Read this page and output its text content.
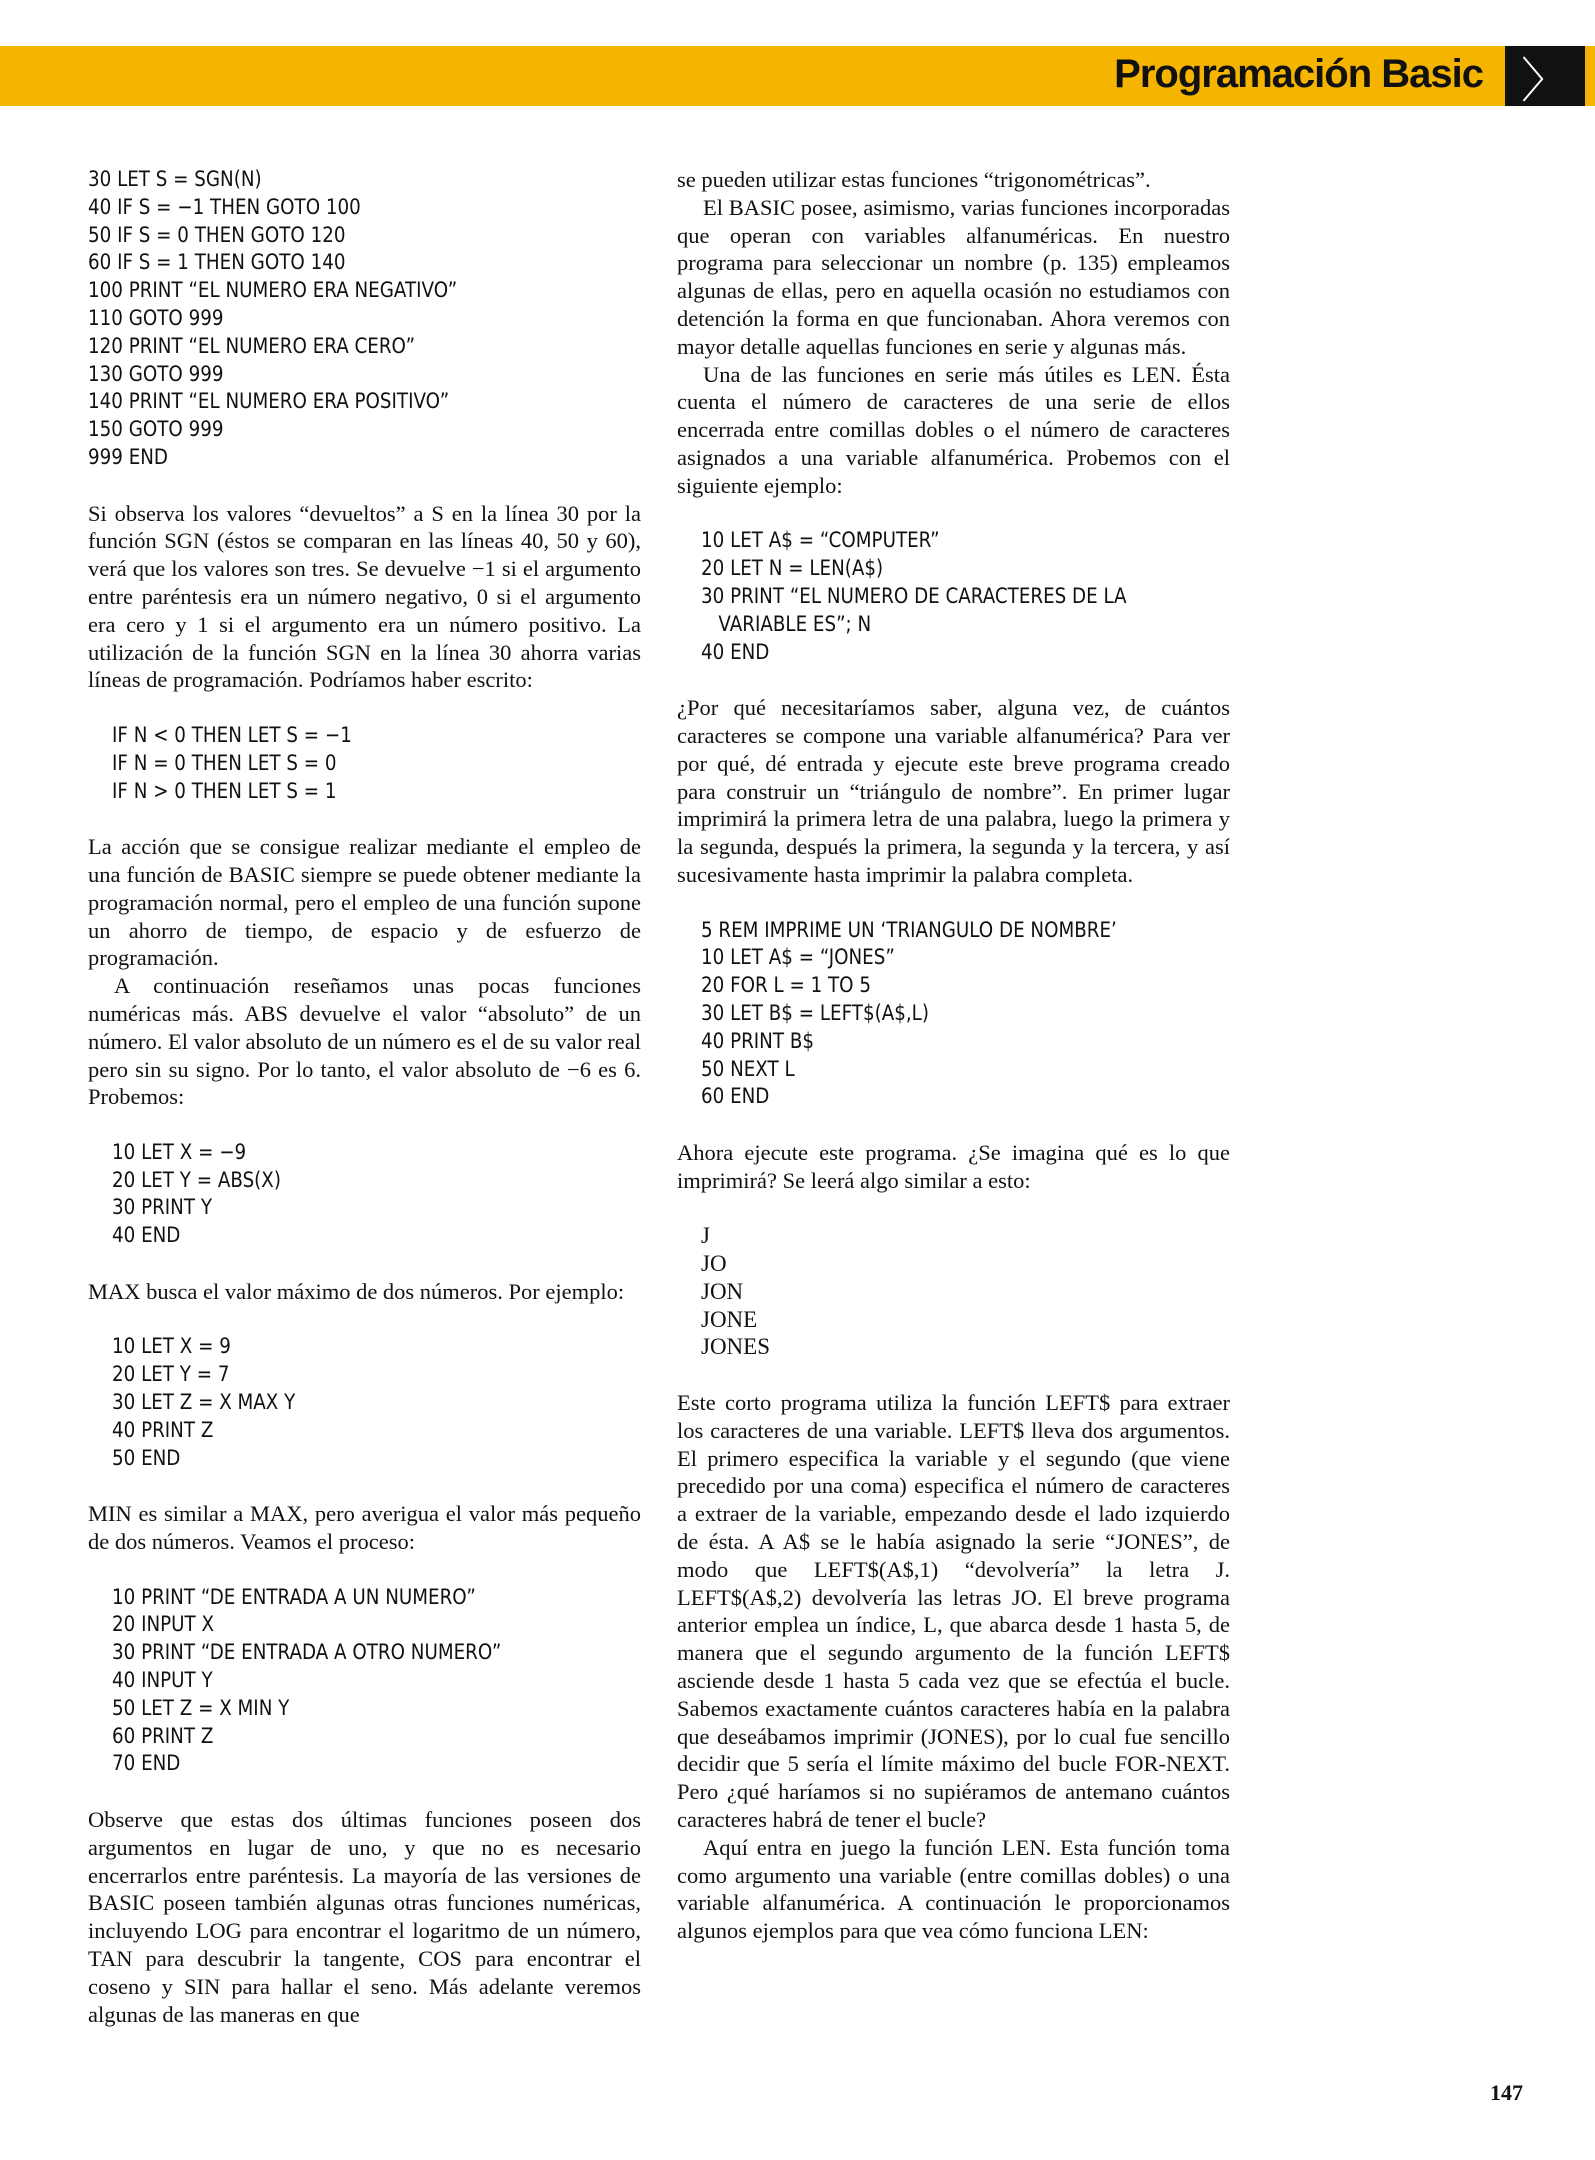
Programación Basic 〉
30 LET S = SGN(N)
40 IF S = −1 THEN GOTO 100
50 IF S = 0 THEN GOTO 120
60 IF S = 1 THEN GOTO 140
100 PRINT “EL NUMERO ERA NEGATIVO”
110 GOTO 999
120 PRINT “EL NUMERO ERA CERO”
130 GOTO 999
140 PRINT “EL NUMERO ERA POSITIVO”
150 GOTO 999
999 END

Si observa los valores “devueltos” a S en la línea 30 por la función SGN (éstos se comparan en las líneas 40, 50 y 60), verá que los valores son tres. Se devuelve −1 si el argumento entre paréntesis era un número negativo, 0 si el argumento era cero y 1 si el argumento era un número positivo. La utilización de la función SGN en la línea 30 ahorra varias líneas de programación. Podríamos haber escrito:

IF N < 0 THEN LET S = −1
IF N = 0 THEN LET S = 0
IF N > 0 THEN LET S = 1

La acción que se consigue realizar mediante el empleo de una función de BASIC siempre se puede obtener mediante la programación normal, pero el empleo de una función supone un ahorro de tiempo, de espacio y de esfuerzo de programación.

A continuación reseñamos unas pocas funciones numéricas más. ABS devuelve el valor “absoluto” de un número. El valor absoluto de un número es el de su valor real pero sin su signo. Por lo tanto, el valor absoluto de −6 es 6. Probemos:

10 LET X = −9
20 LET Y = ABS(X)
30 PRINT Y
40 END

MAX busca el valor máximo de dos números. Por ejemplo:

10 LET X = 9
20 LET Y = 7
30 LET Z = X MAX Y
40 PRINT Z
50 END

MIN es similar a MAX, pero averigua el valor más pequeño de dos números. Veamos el proceso:

10 PRINT “DE ENTRADA A UN NUMERO”
20 INPUT X
30 PRINT “DE ENTRADA A OTRO NUMERO”
40 INPUT Y
50 LET Z = X MIN Y
60 PRINT Z
70 END

Observe que estas dos últimas funciones poseen dos argumentos en lugar de uno, y que no es necesario encerrarlos entre paréntesis. La mayoría de las versiones de BASIC poseen también algunas otras funciones numéricas, incluyendo LOG para encontrar el logaritmo de un número, TAN para descubrir la tangente, COS para encontrar el coseno y SIN para hallar el seno. Más adelante veremos algunas de las maneras en que

se pueden utilizar estas funciones “trigonométricas”.

El BASIC posee, asimismo, varias funciones incorporadas que operan con variables alfanuméricas. En nuestro programa para seleccionar un nombre (p. 135) empleamos algunas de ellas, pero en aquella ocasión no estudiamos con detención la forma en que funcionaban. Ahora veremos con mayor detalle aquellas funciones en serie y algunas más.

Una de las funciones en serie más útiles es LEN. Ésta cuenta el número de caracteres de una serie de ellos encerrada entre comillas dobles o el número de caracteres asignados a una variable alfanumérica. Probemos con el siguiente ejemplo:

10 LET A$ = “COMPUTER”
20 LET N = LEN(A$)
30 PRINT “EL NUMERO DE CARACTERES DE LA
VARIABLE ES”; N
40 END

¿Por qué necesitaríamos saber, alguna vez, de cuántos caracteres se compone una variable alfanumérica? Para ver por qué, dé entrada y ejecute este breve programa creado para construir un “triángulo de nombre”. En primer lugar imprimirá la primera letra de una palabra, luego la primera y la segunda, después la primera, la segunda y la tercera, y así sucesivamente hasta imprimir la palabra completa.

5 REM IMPRIME UN ‘TRIANGULO DE NOMBRE’
10 LET A$ = “JONES”
20 FOR L = 1 TO 5
30 LET B$ = LEFT$(A$,L)
40 PRINT B$
50 NEXT L
60 END

Ahora ejecute este programa. ¿Se imagina qué es lo que imprimirá? Se leerá algo similar a esto:

J
JO
JON
JONE
JONES

Este corto programa utiliza la función LEFT$ para extraer los caracteres de una variable. LEFT$ lleva dos argumentos. El primero especifica la variable y el segundo (que viene precedido por una coma) especifica el número de caracteres a extraer de la variable, empezando desde el lado izquierdo de ésta. A A$ se le había asignado la serie “JONES”, de modo que LEFT$(A$,1) “devolvería” la letra J. LEFT$(A$,2) devolvería las letras JO. El breve programa anterior emplea un índice, L, que abarca desde 1 hasta 5, de manera que el segundo argumento de la función LEFT$ asciende desde 1 hasta 5 cada vez que se efectúa el bucle. Sabemos exactamente cuántos caracteres había en la palabra que deseábamos imprimir (JONES), por lo cual fue sencillo decidir que 5 sería el límite máximo del bucle FOR-NEXT. Pero ¿qué haríamos si no supiéramos de antemano cuántos caracteres habrá de tener el bucle?

Aquí entra en juego la función LEN. Esta función toma como argumento una variable (entre comillas dobles) o una variable alfanumérica. A continuación le proporcionamos algunos ejemplos para que vea cómo funciona LEN:

147
